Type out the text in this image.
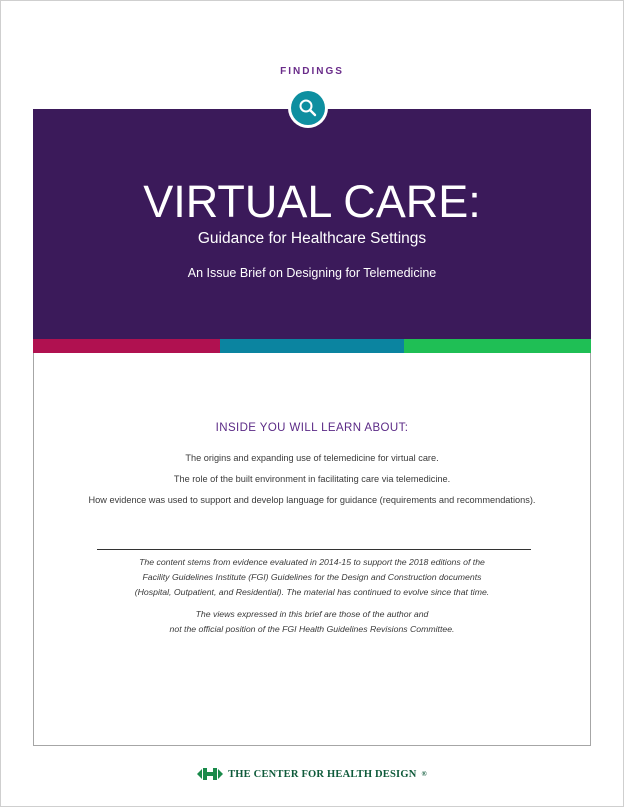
FINDINGS
VIRTUAL CARE:
Guidance for Healthcare Settings
An Issue Brief on Designing for Telemedicine
INSIDE YOU WILL LEARN ABOUT:
The origins and expanding use of telemedicine for virtual care.
The role of the built environment in facilitating care via telemedicine.
How evidence was used to support and develop language for guidance (requirements and recommendations).
The content stems from evidence evaluated in 2014-15 to support the 2018 editions of the
Facility Guidelines Institute (FGI) Guidelines for the Design and Construction documents
(Hospital, Outpatient, and Residential). The material has continued to evolve since that time.
The views expressed in this brief are those of the author and
not the official position of the FGI Health Guidelines Revisions Committee.
THE CENTER FOR HEALTH DESIGN ®
